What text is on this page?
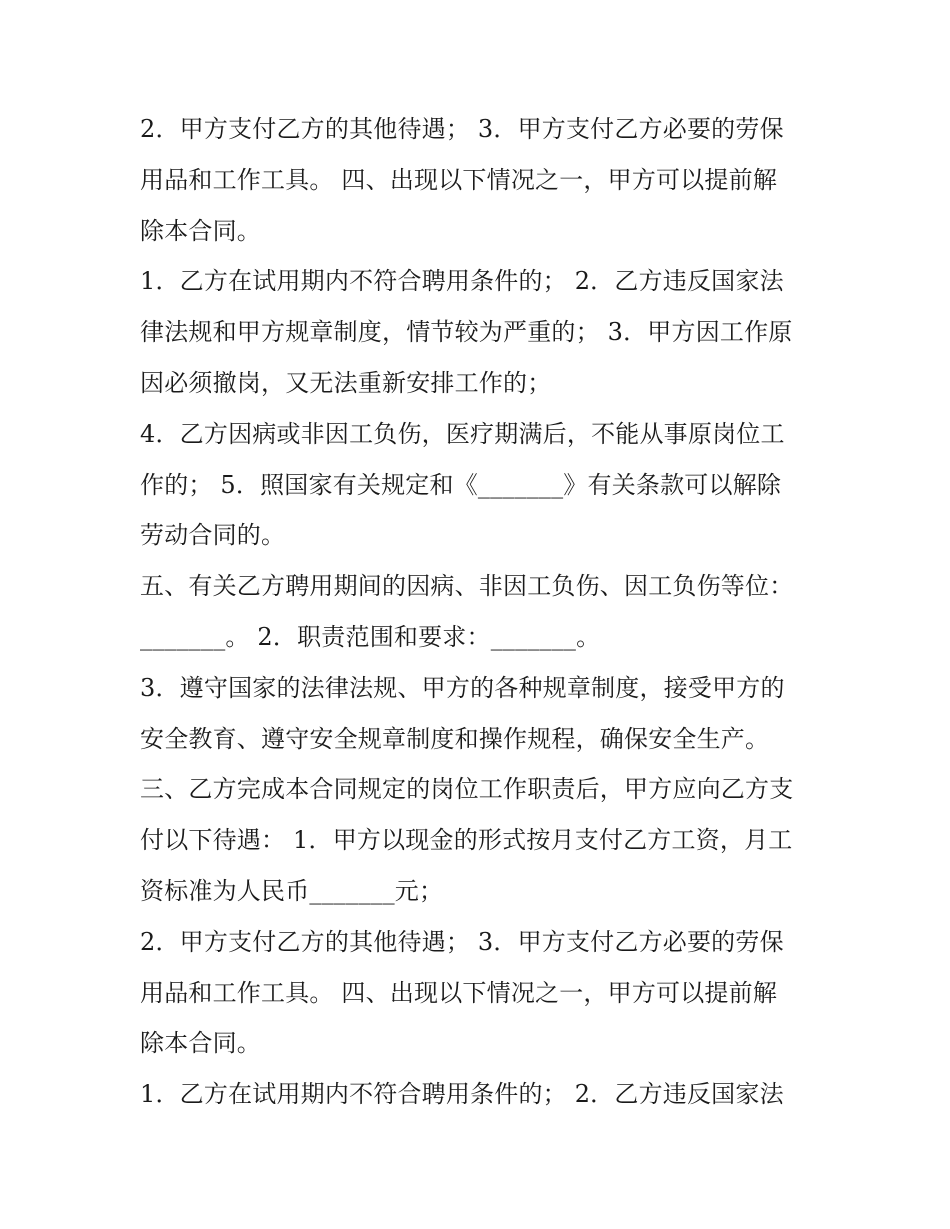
2．甲方支付乙方的其他待遇； 3．甲方支付乙方必要的劳保
用品和工作工具。 四、出现以下情况之一，甲方可以提前解
除本合同。
1．乙方在试用期内不符合聘用条件的； 2．乙方违反国家法
律法规和甲方规章制度，情节较为严重的； 3．甲方因工作原
因必须撤岗，又无法重新安排工作的；
4．乙方因病或非因工负伤，医疗期满后，不能从事原岗位工
作的； 5．照国家有关规定和《_______》有关条款可以解除
劳动合同的。
五、有关乙方聘用期间的因病、非因工负伤、因工负伤等位：
_______。 2．职责范围和要求：_______。
3．遵守国家的法律法规、甲方的各种规章制度，接受甲方的
安全教育、遵守安全规章制度和操作规程，确保安全生产。
三、乙方完成本合同规定的岗位工作职责后，甲方应向乙方支
付以下待遇： 1．甲方以现金的形式按月支付乙方工资，月工
资标准为人民币_______元；
2．甲方支付乙方的其他待遇； 3．甲方支付乙方必要的劳保
用品和工作工具。 四、出现以下情况之一，甲方可以提前解
除本合同。
1．乙方在试用期内不符合聘用条件的； 2．乙方违反国家法
